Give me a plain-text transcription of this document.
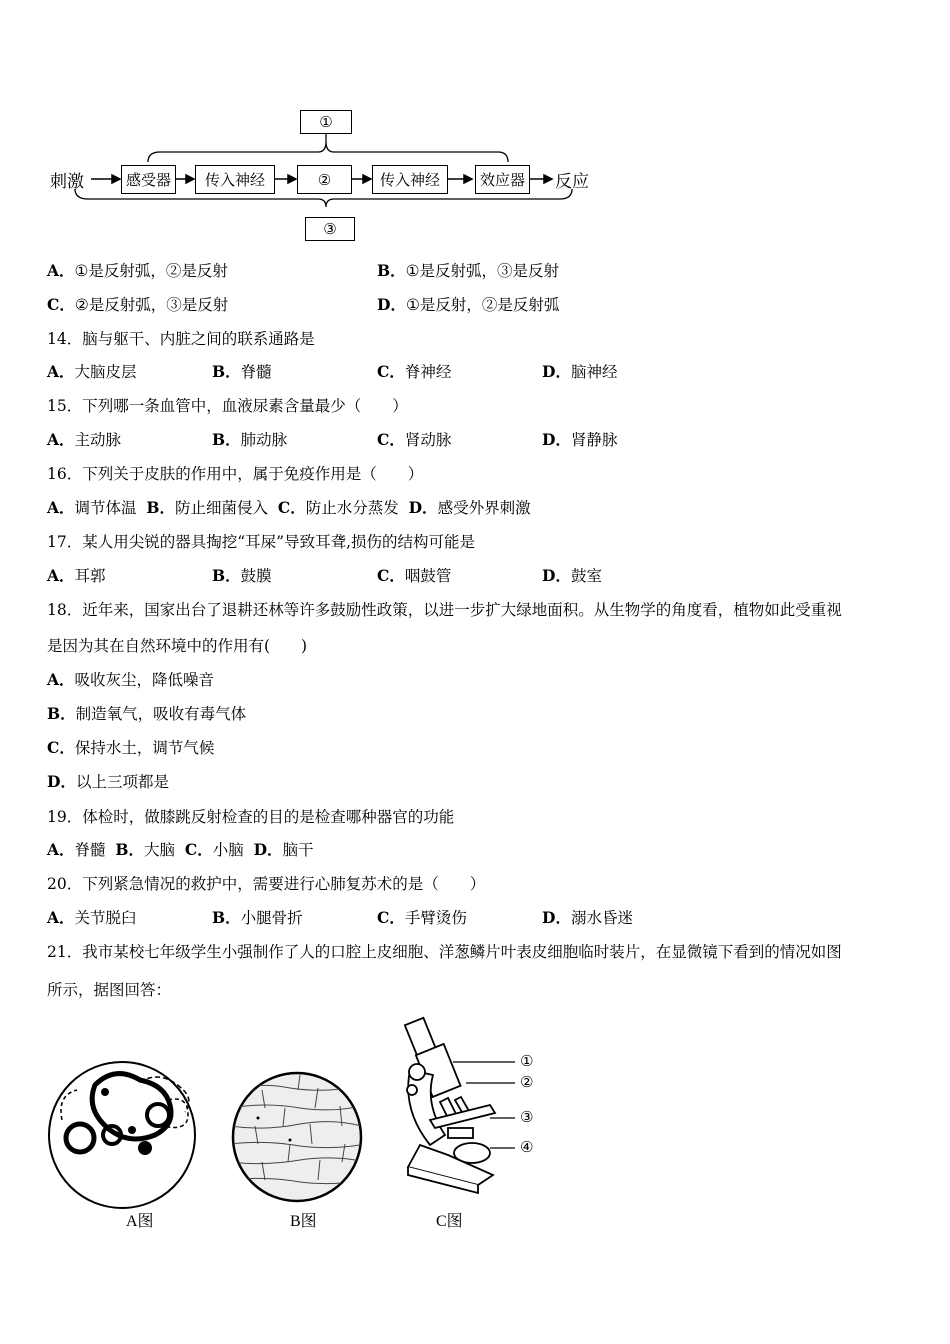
①
刺激	感受器	传入神经	②	传入神经	效应器 反应
③
A．①是反射弧，②是反射	B．①是反射弧，③是反射
C．②是反射弧，③是反射	D．①是反射，②是反射弧
14．脑与躯干、内脏之间的联系通路是
A．大脑皮层	B．脊髓	C．脊神经	D．脑神经
15．下列哪一条血管中，血液尿素含量最少（　　）
A．主动脉	B．肺动脉	C．肾动脉	D．肾静脉
16．下列关于皮肤的作用中，属于免疫作用是（　　）
A．调节体温 B．防止细菌侵入 C．防止水分蒸发 D．感受外界刺激
17．某人用尖锐的器具掏挖“耳屎”导致耳聋,损伤的结构可能是
A．耳郭	B．鼓膜	C．咽鼓管	D．鼓室
18．近年来，国家出台了退耕还林等许多鼓励性政策，以进一步扩大绿地面积。从生物学的角度看，植物如此受重视
是因为其在自然环境中的作用有(　　)
A．吸收灰尘，降低噪音
B．制造氧气，吸收有毒气体
C．保持水土，调节气候
D．以上三项都是
19．体检时，做膝跳反射检查的目的是检查哪种器官的功能
A．脊髓 B．大脑 C．小脑 D．脑干
20．下列紧急情况的救护中，需要进行心肺复苏术的是（　　）
A．关节脱臼	B．小腿骨折	C．手臂烫伤	D．溺水昏迷
21．我市某校七年级学生小强制作了人的口腔上皮细胞、洋葱鳞片叶表皮细胞临时装片，在显微镜下看到的情况如图
所示，据图回答：
①
②
③
④
A图	B图	C图
